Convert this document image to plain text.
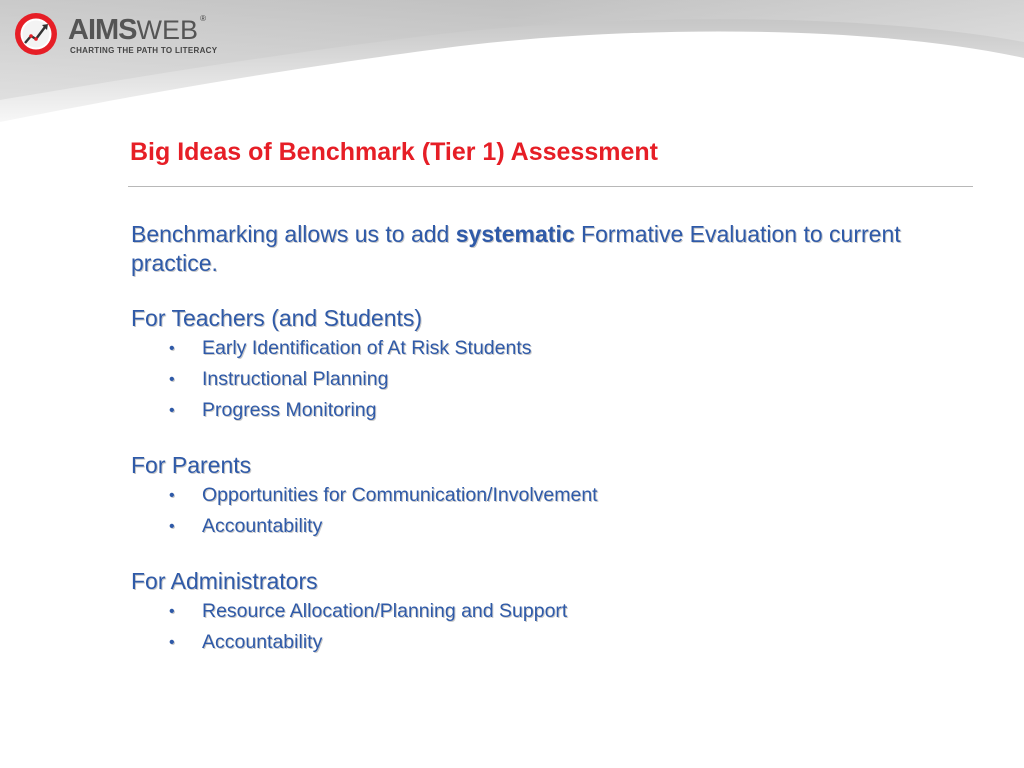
AIMSWEB ®
CHARTING THE PATH TO LITERACY
Big Ideas of Benchmark (Tier 1) Assessment

Benchmarking allows us to add systematic Formative Evaluation to current practice.

For Teachers (and Students)

• Early Identification of At Risk Students
• Instructional Planning
• Progress Monitoring

For Parents

• Opportunities for Communication/Involvement
• Accountability

For Administrators

• Resource Allocation/Planning and Support
• Accountability
